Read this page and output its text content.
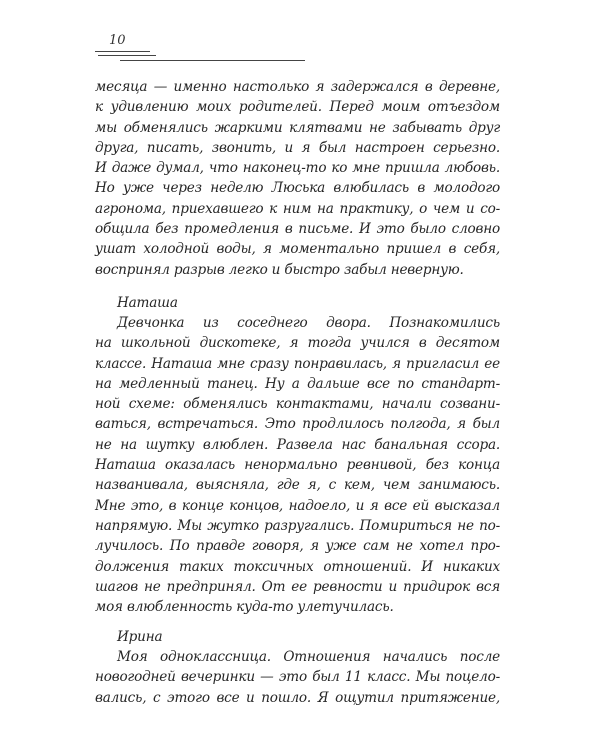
10
месяца — именно настолько я задержался в деревне,
к удивлению моих родителей. Перед моим отъездом
мы обменялись жаркими клятвами не забывать друг
друга, писать, звонить, и я был настроен серьезно.
И даже думал, что наконец-то ко мне пришла любовь.
Но уже через неделю Люська влюбилась в молодого
агронома, приехавшего к ним на практику, о чем и со-
общила без промедления в письме. И это было словно
ушат холодной воды, я моментально пришел в себя,
воспринял разрыв легко и быстро забыл неверную.
Наташа
Девчонка из соседнего двора. Познакомились
на школьной дискотеке, я тогда учился в десятом
классе. Наташа мне сразу понравилась, я пригласил ее
на медленный танец. Ну а дальше все по стандарт-
ной схеме: обменялись контактами, начали созвани-
ваться, встречаться. Это продлилось полгода, я был
не на шутку влюблен. Развела нас банальная ссора.
Наташа оказалась ненормально ревнивой, без конца
названивала, выясняла, где я, с кем, чем занимаюсь.
Мне это, в конце концов, надоело, и я все ей высказал
напрямую. Мы жутко разругались. Помириться не по-
лучилось. По правде говоря, я уже сам не хотел про-
должения таких токсичных отношений. И никаких
шагов не предпринял. От ее ревности и придирок вся
моя влюбленность куда-то улетучилась.
Ирина
Моя одноклассница. Отношения начались после
новогодней вечеринки — это был 11 класс. Мы поцело-
вались, с этого все и пошло. Я ощутил притяжение,
